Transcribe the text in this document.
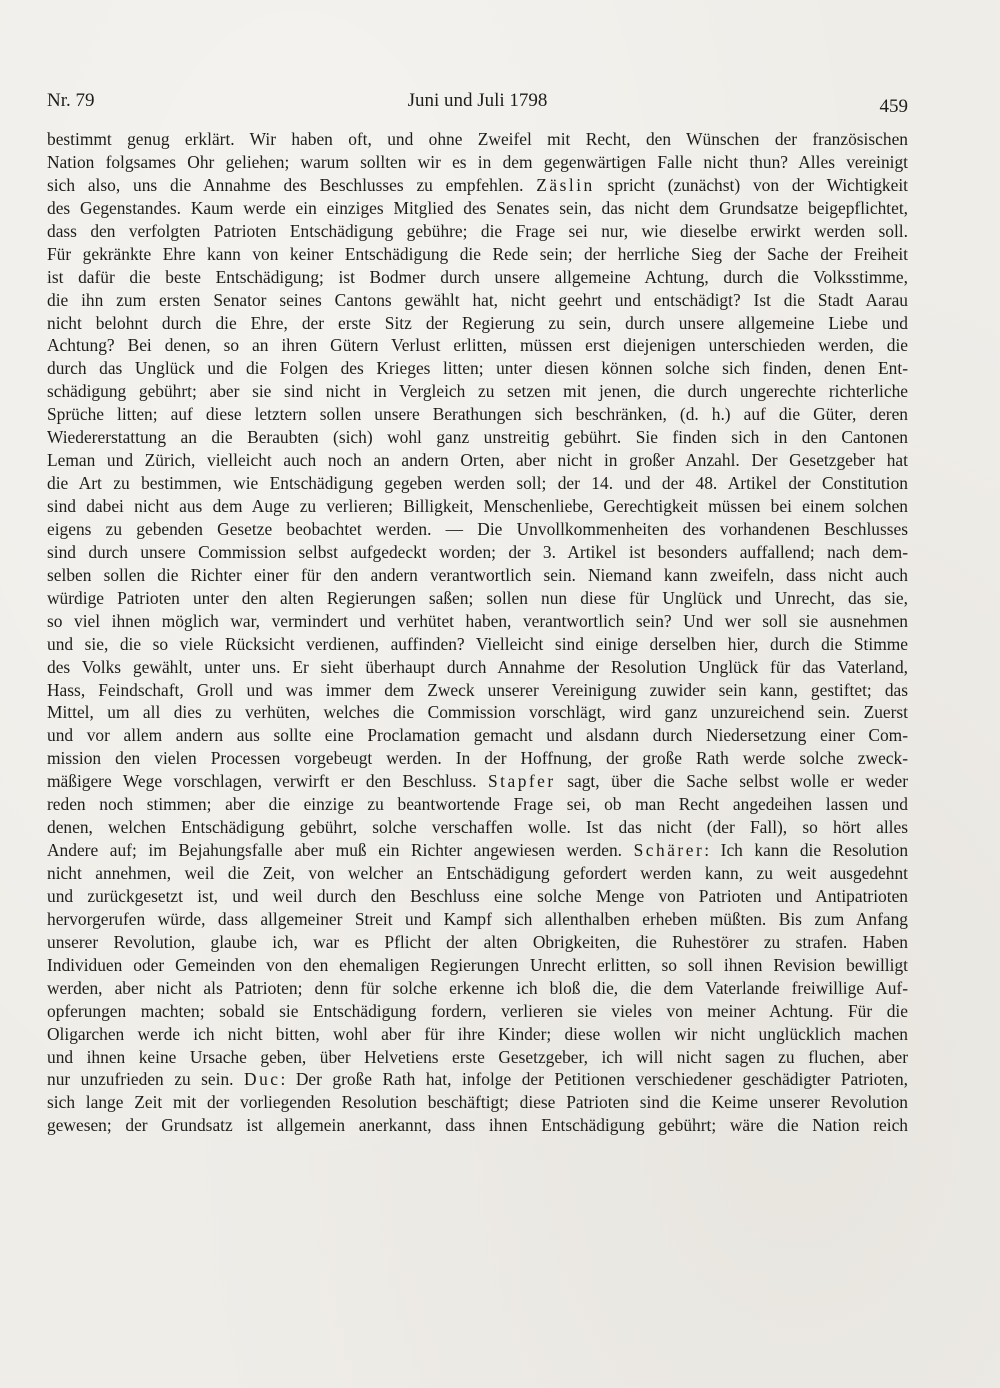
Nr. 79	Juni und Juli 1798	459
bestimmt genug erklärt. Wir haben oft, und ohne Zweifel mit Recht, den Wünschen der französischen
Nation folgsames Ohr geliehen; warum sollten wir es in dem gegenwärtigen Falle nicht thun? Alles vereinigt
sich also, uns die Annahme des Beschlusses zu empfehlen. Zäslin spricht (zunächst) von der Wichtigkeit
des Gegenstandes. Kaum werde ein einziges Mitglied des Senates sein, das nicht dem Grundsatze beigepflichtet,
dass den verfolgten Patrioten Entschädigung gebühre; die Frage sei nur, wie dieselbe erwirkt werden soll.
Für gekränkte Ehre kann von keiner Entschädigung die Rede sein; der herrliche Sieg der Sache der Freiheit
ist dafür die beste Entschädigung; ist Bodmer durch unsere allgemeine Achtung, durch die Volksstimme,
die ihn zum ersten Senator seines Cantons gewählt hat, nicht geehrt und entschädigt? Ist die Stadt Aarau
nicht belohnt durch die Ehre, der erste Sitz der Regierung zu sein, durch unsere allgemeine Liebe und
Achtung? Bei denen, so an ihren Gütern Verlust erlitten, müssen erst diejenigen unterschieden werden, die
durch das Unglück und die Folgen des Krieges litten; unter diesen können solche sich finden, denen Ent-
schädigung gebührt; aber sie sind nicht in Vergleich zu setzen mit jenen, die durch ungerechte richterliche
Sprüche litten; auf diese letztern sollen unsere Berathungen sich beschränken, (d. h.) auf die Güter, deren
Wiedererstattung an die Beraubten (sich) wohl ganz unstreitig gebührt. Sie finden sich in den Cantonen
Leman und Zürich, vielleicht auch noch an andern Orten, aber nicht in großer Anzahl. Der Gesetzgeber hat
die Art zu bestimmen, wie Entschädigung gegeben werden soll; der 14. und der 48. Artikel der Constitution
sind dabei nicht aus dem Auge zu verlieren; Billigkeit, Menschenliebe, Gerechtigkeit müssen bei einem solchen
eigens zu gebenden Gesetze beobachtet werden. — Die Unvollkommenheiten des vorhandenen Beschlusses
sind durch unsere Commission selbst aufgedeckt worden; der 3. Artikel ist besonders auffallend; nach dem-
selben sollen die Richter einer für den andern verantwortlich sein. Niemand kann zweifeln, dass nicht auch
würdige Patrioten unter den alten Regierungen saßen; sollen nun diese für Unglück und Unrecht, das sie,
so viel ihnen möglich war, vermindert und verhütet haben, verantwortlich sein? Und wer soll sie ausnehmen
und sie, die so viele Rücksicht verdienen, auffinden? Vielleicht sind einige derselben hier, durch die Stimme
des Volks gewählt, unter uns. Er sieht überhaupt durch Annahme der Resolution Unglück für das Vaterland,
Hass, Feindschaft, Groll und was immer dem Zweck unserer Vereinigung zuwider sein kann, gestiftet; das
Mittel, um all dies zu verhüten, welches die Commission vorschlägt, wird ganz unzureichend sein. Zuerst
und vor allem andern aus sollte eine Proclamation gemacht und alsdann durch Niedersetzung einer Com-
mission den vielen Processen vorgebeugt werden. In der Hoffnung, der große Rath werde solche zweck-
mäßigere Wege vorschlagen, verwirft er den Beschluss. Stapfer sagt, über die Sache selbst wolle er weder
reden noch stimmen; aber die einzige zu beantwortende Frage sei, ob man Recht angedeihen lassen und
denen, welchen Entschädigung gebührt, solche verschaffen wolle. Ist das nicht (der Fall), so hört alles
Andere auf; im Bejahungsfalle aber muß ein Richter angewiesen werden. Schärer: Ich kann die Resolution
nicht annehmen, weil die Zeit, von welcher an Entschädigung gefordert werden kann, zu weit ausgedehnt
und zurückgesetzt ist, und weil durch den Beschluss eine solche Menge von Patrioten und Antipatrioten
hervorgerufen würde, dass allgemeiner Streit und Kampf sich allenthalben erheben müßten. Bis zum Anfang
unserer Revolution, glaube ich, war es Pflicht der alten Obrigkeiten, die Ruhestörer zu strafen. Haben
Individuen oder Gemeinden von den ehemaligen Regierungen Unrecht erlitten, so soll ihnen Revision bewilligt
werden, aber nicht als Patrioten; denn für solche erkenne ich bloß die, die dem Vaterlande freiwillige Auf-
opferungen machten; sobald sie Entschädigung fordern, verlieren sie vieles von meiner Achtung. Für die
Oligarchen werde ich nicht bitten, wohl aber für ihre Kinder; diese wollen wir nicht unglücklich machen
und ihnen keine Ursache geben, über Helvetiens erste Gesetzgeber, ich will nicht sagen zu fluchen, aber
nur unzufrieden zu sein. Duc: Der große Rath hat, infolge der Petitionen verschiedener geschädigter Patrioten,
sich lange Zeit mit der vorliegenden Resolution beschäftigt; diese Patrioten sind die Keime unserer Revolution
gewesen; der Grundsatz ist allgemein anerkannt, dass ihnen Entschädigung gebührt; wäre die Nation reich
